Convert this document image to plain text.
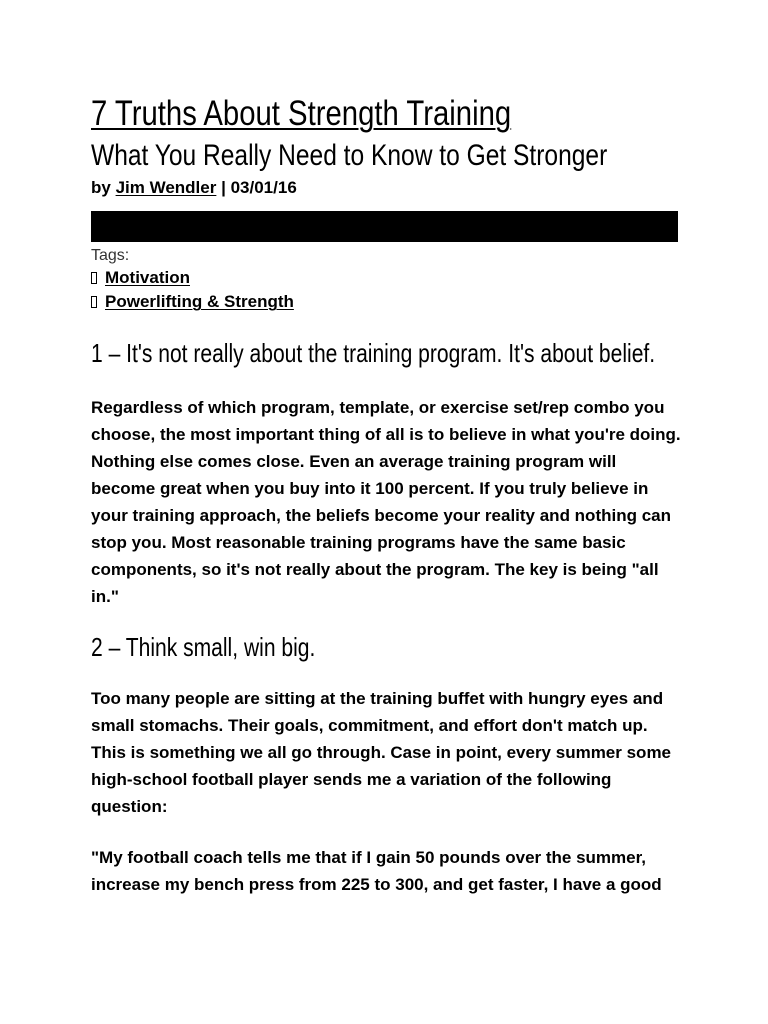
7 Truths About Strength Training

What You Really Need to Know to Get Stronger

by Jim Wendler | 03/01/16
Tags:
Motivation
Powerlifting & Strength
1 – It's not really about the training program. It's about belief.
Regardless of which program, template, or exercise set/rep combo you
choose, the most important thing of all is to believe in what you're doing.
Nothing else comes close. Even an average training program will
become great when you buy into it 100 percent. If you truly believe in
your training approach, the beliefs become your reality and nothing can
stop you. Most reasonable training programs have the same basic
components, so it's not really about the program. The key is being "all
in."
2 – Think small, win big.
Too many people are sitting at the training buffet with hungry eyes and
small stomachs. Their goals, commitment, and effort don't match up.
This is something we all go through. Case in point, every summer some
high-school football player sends me a variation of the following
question:
"My football coach tells me that if I gain 50 pounds over the summer,
increase my bench press from 225 to 300, and get faster, I have a good
